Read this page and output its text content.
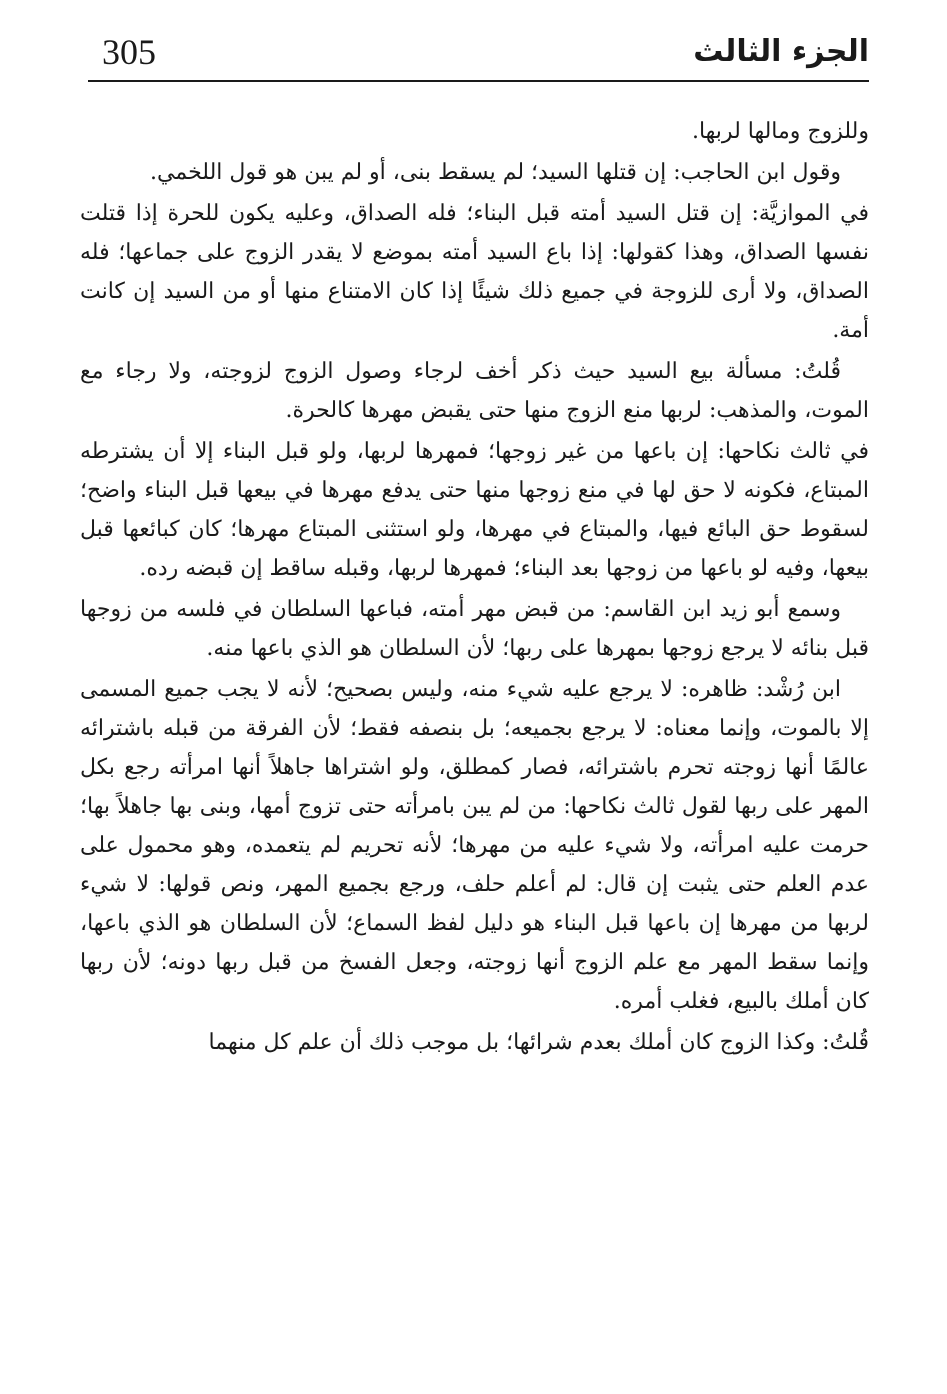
305	الجزء الثالث

وللزوج ومالها لربها.

وقول ابن الحاجب: إن قتلها السيد؛ لم يسقط بنى، أو لم يبن هو قول اللخمي.

في الموازيَّة: إن قتل السيد أمته قبل البناء؛ فله الصداق، وعليه يكون للحرة إذا قتلت نفسها الصداق، وهذا كقولها: إذا باع السيد أمته بموضع لا يقدر الزوج على جماعها؛ فله الصداق، ولا أرى للزوجة في جميع ذلك شيئًا إذا كان الامتناع منها أو من السيد إن كانت أمة.

قُلتُ: مسألة بيع السيد حيث ذكر أخف لرجاء وصول الزوج لزوجته، ولا رجاء مع الموت، والمذهب: لربها منع الزوج منها حتى يقبض مهرها كالحرة.

في ثالث نكاحها: إن باعها من غير زوجها؛ فمهرها لربها، ولو قبل البناء إلا أن يشترطه المبتاع، فكونه لا حق لها في منع زوجها منها حتى يدفع مهرها في بيعها قبل البناء واضح؛ لسقوط حق البائع فيها، والمبتاع في مهرها، ولو استثنى المبتاع مهرها؛ كان كبائعها قبل بيعها، وفيه لو باعها من زوجها بعد البناء؛ فمهرها لربها، وقبله ساقط إن قبضه رده.

وسمع أبو زيد ابن القاسم: من قبض مهر أمته، فباعها السلطان في فلسه من زوجها قبل بنائه لا يرجع زوجها بمهرها على ربها؛ لأن السلطان هو الذي باعها منه.

ابن رُشْد: ظاهره: لا يرجع عليه شيء منه، وليس بصحيح؛ لأنه لا يجب جميع المسمى إلا بالموت، وإنما معناه: لا يرجع بجميعه؛ بل بنصفه فقط؛ لأن الفرقة من قبله باشترائه عالمًا أنها زوجته تحرم باشترائه، فصار كمطلق، ولو اشتراها جاهلاً أنها امرأته رجع بكل المهر على ربها لقول ثالث نكاحها: من لم يبن بامرأته حتى تزوج أمها، وبنى بها جاهلاً بها؛ حرمت عليه امرأته، ولا شيء عليه من مهرها؛ لأنه تحريم لم يتعمده، وهو محمول على عدم العلم حتى يثبت إن قال: لم أعلم حلف، ورجع بجميع المهر، ونص قولها: لا شيء لربها من مهرها إن باعها قبل البناء هو دليل لفظ السماع؛ لأن السلطان هو الذي باعها، وإنما سقط المهر مع علم الزوج أنها زوجته، وجعل الفسخ من قبل ربها دونه؛ لأن ربها كان أملك بالبيع، فغلب أمره.

قُلتُ: وكذا الزوج كان أملك بعدم شرائها؛ بل موجب ذلك أن علم كل منهما
